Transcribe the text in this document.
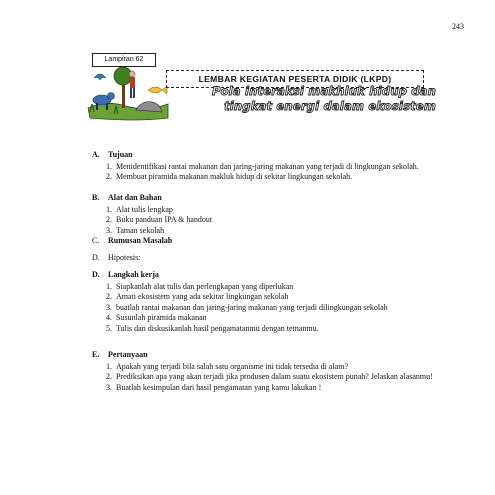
243
Lampiran 62
LEMBAR KEGIATAN PESERTA DIDIK (LKPD)
Pola interaksi makhluk hidup dan
tingkat energi dalam ekosistem
A.	Tujuan
1. Menidentifikasi rantai makanan dan jaring-jaring makanan yang terjadi di lingkungan sekolah.
2. Membuat piramida makanan makluk hidup di sekitar lingkungan sekolah.
B.	Alat dan Bahan
1. Alat tulis lengkap
2. Buku panduan IPA & handout
3. Taman sekolah
C.	Rumusan Masalah
D.	Hipotesis:
D.	Langkah kerja
1. Siapkanlah alat tulis dan perlengkapan yang diperlukan
2. Amati ekosistem yang ada sekitar lingkungan sekolah
3. buatlah rantai makanan dan jaring-jaring makanan yang terjadi dilingkungan sekolah
4. Susunlah piramida makanan
5. Tulis dan diskusikanlah hasil pengamatanmu dengan temanmu.
E.	Pertanyaan
1. Apakah yang terjadi bila salah satu organisme ini tidak tersedia di alam?
2. Prediksikan apa yang akan terjadi jika produsen dalam suatu ekosistem punah? Jelaskan alasanmu!
3. Buatlah kesimpulan dari hasil pengamatan yang kamu lakukan !
